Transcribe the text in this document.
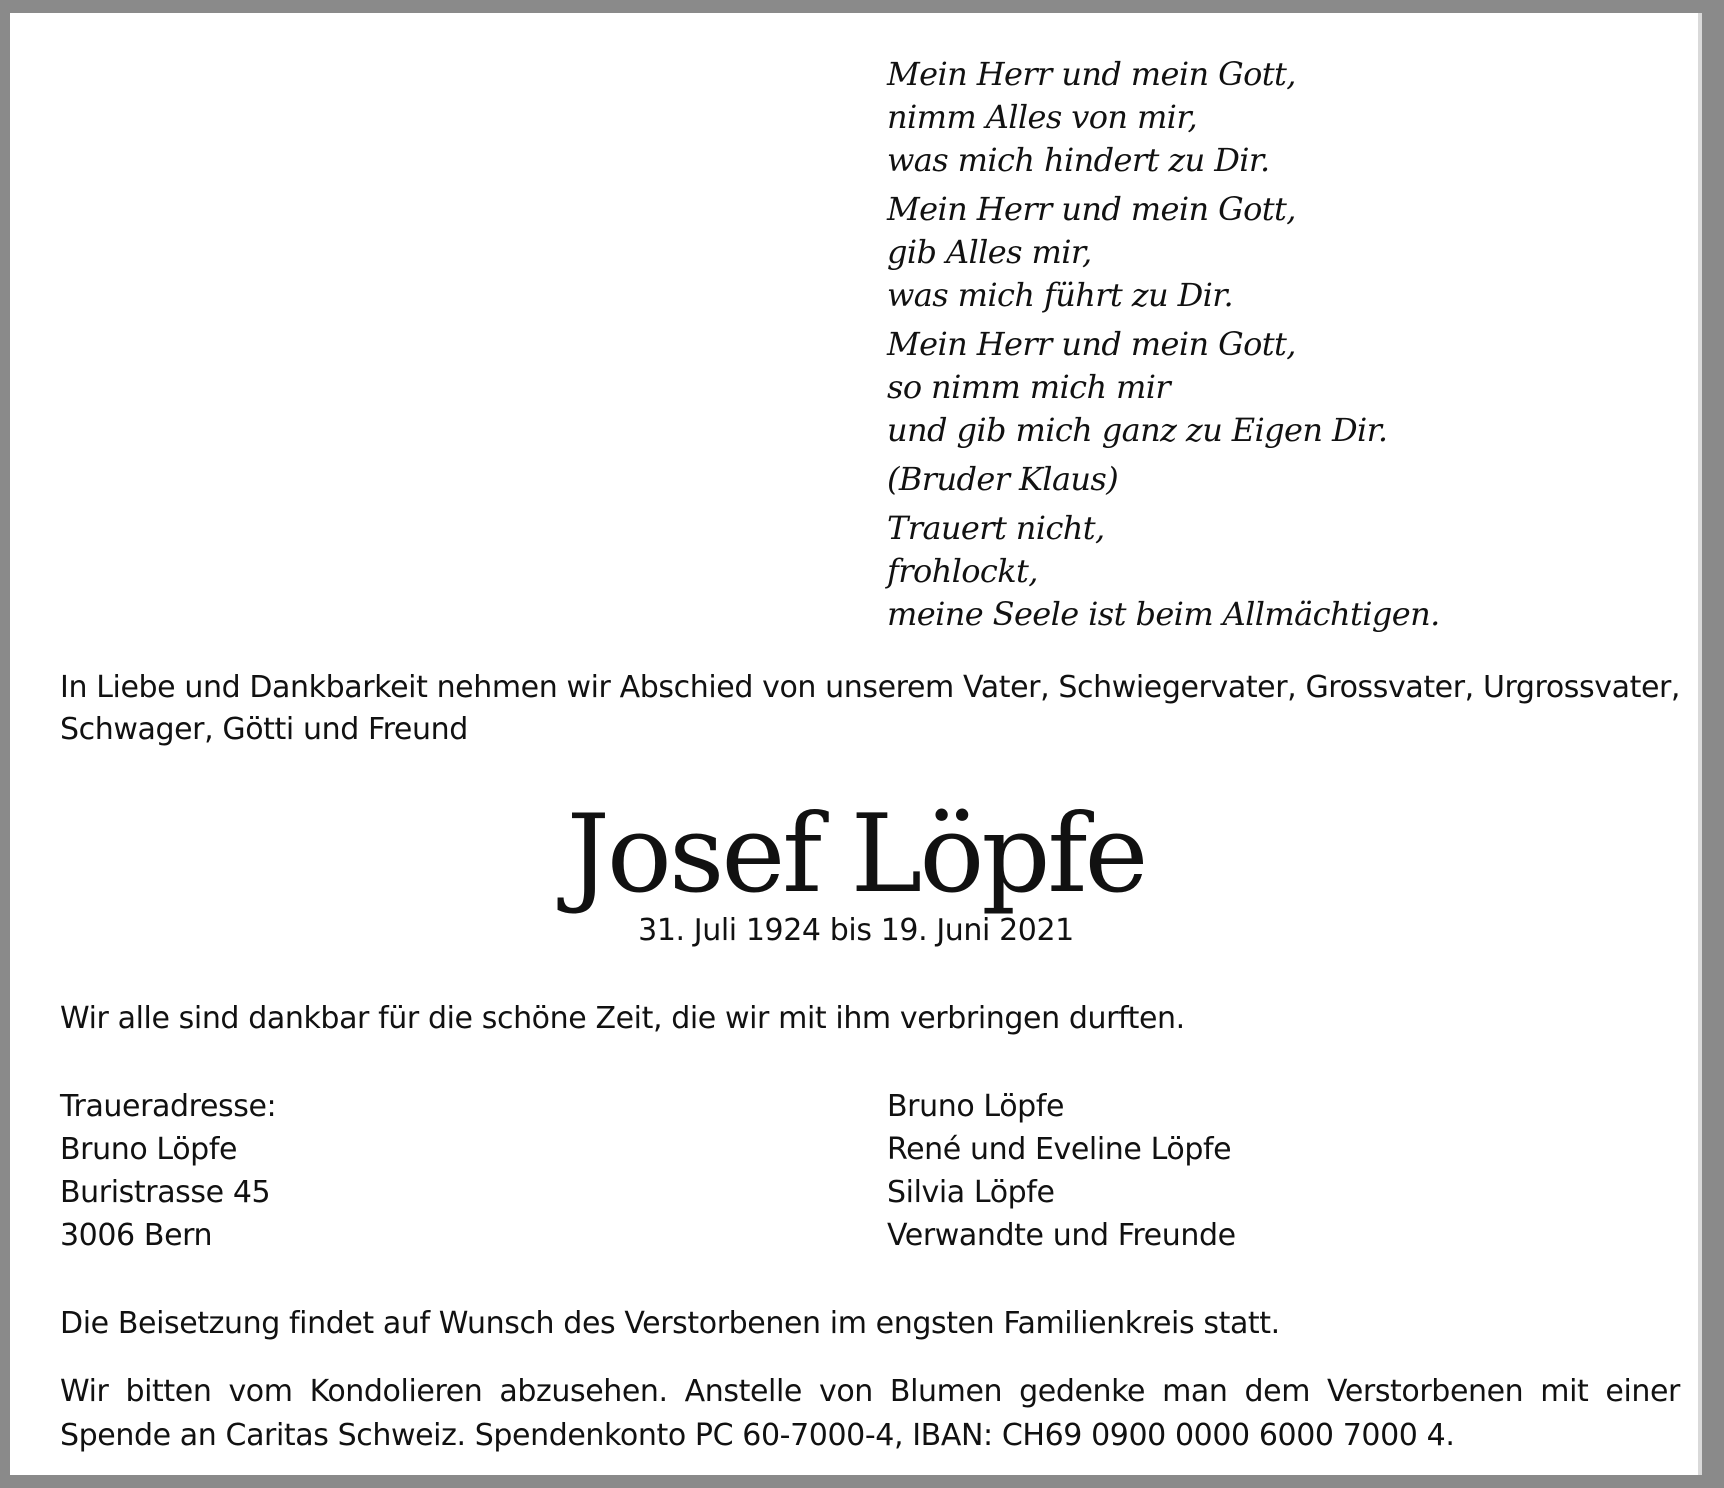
Mein Herr und mein Gott,
nimm Alles von mir,
was mich hindert zu Dir.
Mein Herr und mein Gott,
gib Alles mir,
was mich führt zu Dir.
Mein Herr und mein Gott,
so nimm mich mir
und gib mich ganz zu Eigen Dir.
(Bruder Klaus)
Trauert nicht,
frohlockt,
meine Seele ist beim Allmächtigen.
In Liebe und Dankbarkeit nehmen wir Abschied von unserem Vater, Schwiegervater, Grossvater, Urgrossvater,
Schwager, Götti und Freund
Josef Löpfe
31. Juli 1924 bis 19. Juni 2021
Wir alle sind dankbar für die schöne Zeit, die wir mit ihm verbringen durften.
Traueradresse:
Bruno Löpfe
Buristrasse 45
3006 Bern
Bruno Löpfe
René und Eveline Löpfe
Silvia Löpfe
Verwandte und Freunde
Die Beisetzung findet auf Wunsch des Verstorbenen im engsten Familienkreis statt.
Wir bitten vom Kondolieren abzusehen. Anstelle von Blumen gedenke man dem Verstorbenen mit einer
Spende an Caritas Schweiz. Spendenkonto PC 60-7000-4, IBAN: CH69 0900 0000 6000 7000 4.
